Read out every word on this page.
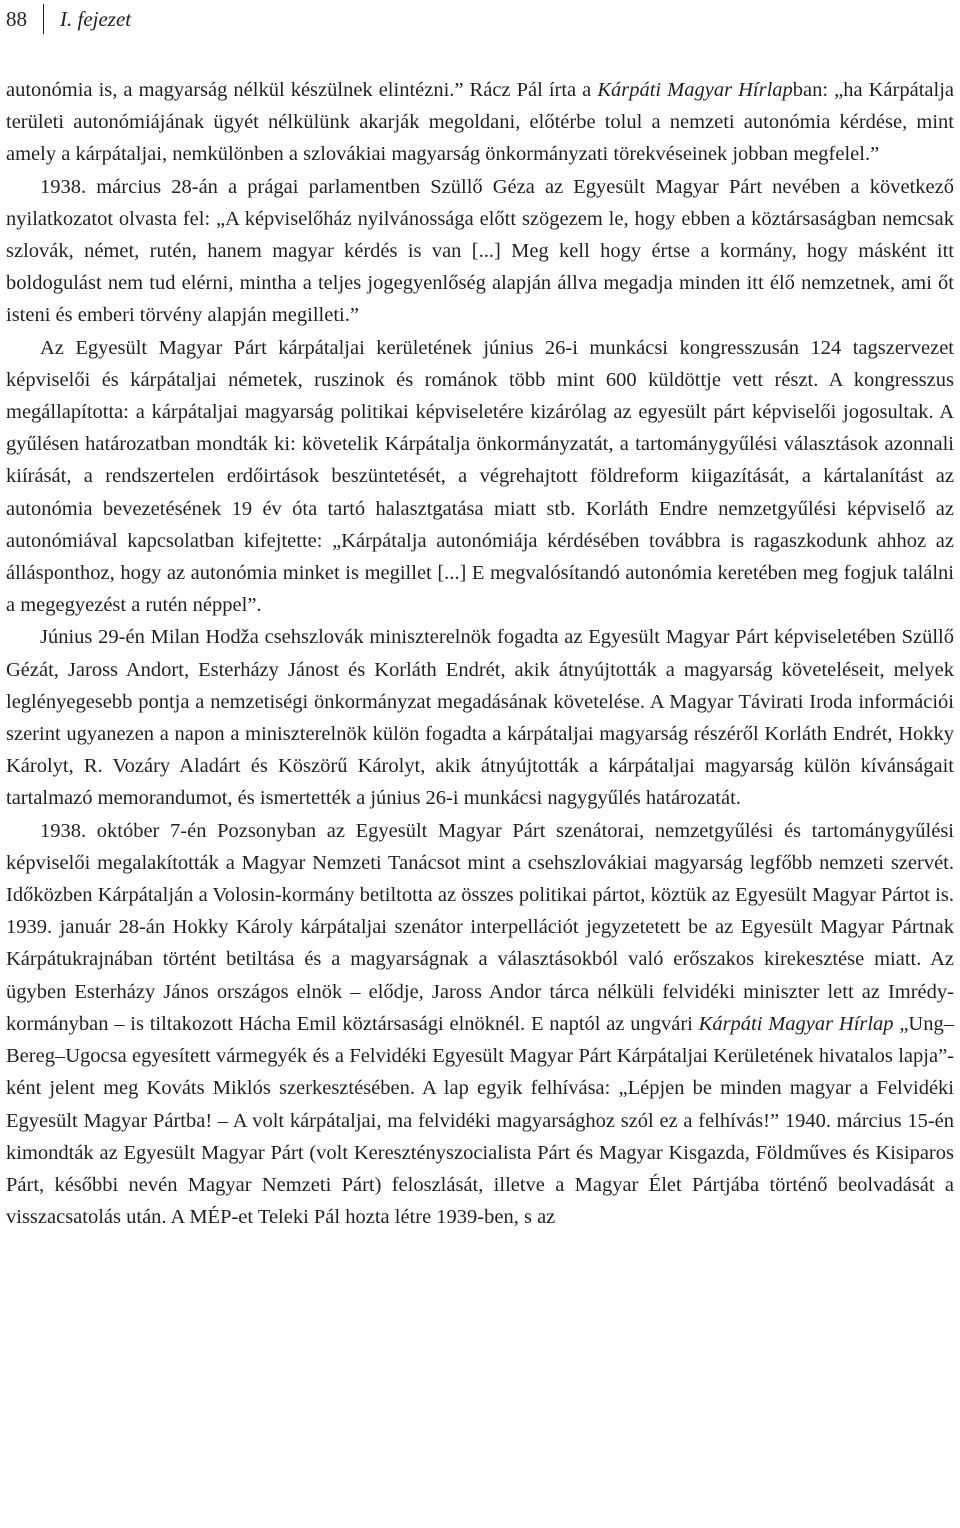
88	I. fejezet

autonómia is, a magyarság nélkül készülnek elintézni.” Rácz Pál írta a Kárpáti Magyar Hírlapban: „ha Kárpátalja területi autonómiájának ügyét nélkülünk akarják megoldani, előtérbe tolul a nemzeti autonómia kérdése, mint amely a kárpátaljai, nemkülönben a szlovákiai magyarság önkormányzati törekvéseinek jobban megfelel.”

1938. március 28-án a prágai parlamentben Szüllő Géza az Egyesült Magyar Párt nevében a következő nyilatkozatot olvasta fel: „A képviselőház nyilvánossága előtt szögezem le, hogy ebben a köztársaságban nemcsak szlovák, német, rutén, hanem magyar kérdés is van [...] Meg kell hogy értse a kormány, hogy másként itt boldogulást nem tud elérni, mintha a teljes jogegyenlőség alapján állva megadja minden itt élő nemzetnek, ami őt isteni és emberi törvény alapján megilleti.”

Az Egyesült Magyar Párt kárpátaljai kerületének június 26-i munkácsi kongresszusán 124 tagszervezet képviselői és kárpátaljai németek, ruszinok és románok több mint 600 küldöttje vett részt. A kongresszus megállapította: a kárpátaljai magyarság politikai képviseletére kizárólag az egyesült párt képviselői jogosultak. A gyűlésen határozatban mondták ki: követelik Kárpátalja önkormányzatát, a tartománygyűlési választások azonnali kiírását, a rendszertelen erdőirtások beszüntetését, a végrehajtott földreform kiigazítását, a kártalanítást az autonómia bevezetésének 19 év óta tartó halasztgatása miatt stb. Korláth Endre nemzetgyűlési képviselő az autonómiával kapcsolatban kifejtette: „Kárpátalja autonómiája kérdésében továbbra is ragaszkodunk ahhoz az állásponthoz, hogy az autonómia minket is megillet [...] E megvalósítandó autonómia keretében meg fogjuk találni a megegyezést a rutén néppel”.

Június 29-én Milan Hodža csehszlovák miniszterelnök fogadta az Egyesült Magyar Párt képviseletében Szüllő Gézát, Jaross Andort, Esterházy Jánost és Korláth Endrét, akik átnyújtották a magyarság követeléseit, melyek leglényegesebb pontja a nemzetiségi önkormányzat megadásának követelése. A Magyar Távirati Iroda információi szerint ugyanezen a napon a miniszterelnök külön fogadta a kárpátaljai magyarság részéről Korláth Endrét, Hokky Károlyt, R. Vozáry Aladárt és Köszörű Károlyt, akik átnyújtották a kárpátaljai magyarság külön kívánságait tartalmazó memorandumot, és ismertették a június 26-i munkácsi nagygyűlés határozatát.

1938. október 7-én Pozsonyban az Egyesült Magyar Párt szenátorai, nemzetgyűlési és tartománygyűlési képviselői megalakították a Magyar Nemzeti Tanácsot mint a csehszlovákiai magyarság legfőbb nemzeti szervét. Időközben Kárpátalján a Volosin-kormány betiltotta az összes politikai pártot, köztük az Egyesült Magyar Pártot is. 1939. január 28-án Hokky Károly kárpátaljai szenátor interpellációt jegyzetetett be az Egyesült Magyar Pártnak Kárpátukrajnában történt betiltása és a magyarságnak a választásokból való erőszakos kirekesztése miatt. Az ügyben Esterházy János országos elnök – elődje, Jaross Andor tárca nélküli felvidéki miniszter lett az Imrédy-kormányban – is tiltakozott Hácha Emil köztársasági elnöknél. E naptól az ungvári Kárpáti Magyar Hírlap „Ung–Bereg–Ugocsa egyesített vármegyék és a Felvidéki Egyesült Magyar Párt Kárpátaljai Kerületének hivatalos lapja”-ként jelent meg Kováts Miklós szerkesztésében. A lap egyik felhívása: „Lépjen be minden magyar a Felvidéki Egyesült Magyar Pártba! – A volt kárpátaljai, ma felvidéki magyarsághoz szól ez a felhívás!” 1940. március 15-én kimondták az Egyesült Magyar Párt (volt Keresztényszocialista Párt és Magyar Kisgazda, Földműves és Kisiparos Párt, későbbi nevén Magyar Nemzeti Párt) feloszlását, illetve a Magyar Élet Pártjába történő beolvadását a visszacsatolás után. A MÉP-et Teleki Pál hozta létre 1939-ben, s az
